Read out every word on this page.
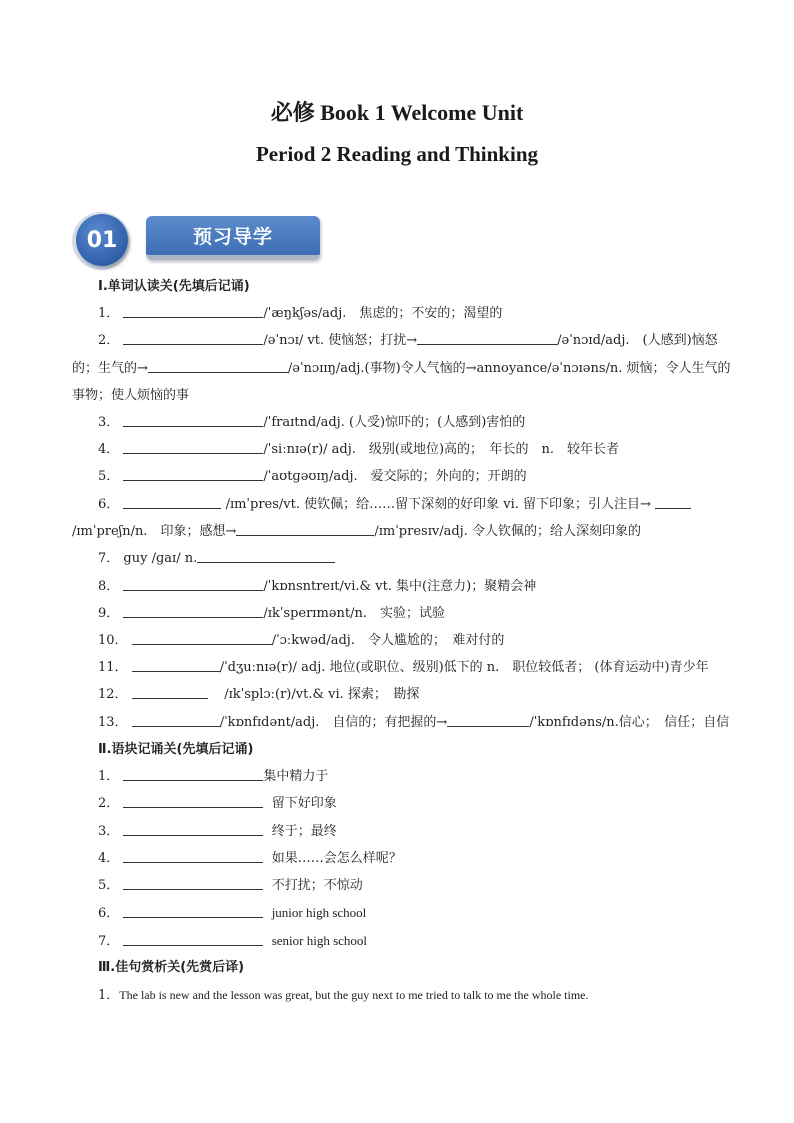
必修 Book 1 Welcome Unit
Period 2 Reading and Thinking
01	预习导学
Ⅰ.单词认读关(先填后记诵)
1．	/ˈæŋkʃəs/adj.　焦虑的；不安的；渴望的
2．	/əˈnɔɪ/ vt. 使恼怒；打扰→	/əˈnɔɪd/adj.　(人感到)恼怒
的；生气的→	/əˈnɔɪɪŋ/adj.(事物)令人气恼的→annoyance/əˈnɔɪəns/n. 烦恼；令人生气的
事物；使人烦恼的事
3．	/ˈfraɪtnd/adj. (人受)惊吓的；(人感到)害怕的
4．	/ˈsiːnɪə(r)/ adj.　级别(或地位)高的；　年长的　n.　较年长者
5．	/ˈaʊtɡəʊɪŋ/adj.　爱交际的；外向的；开朗的
6．	/ɪmˈpres/vt. 使钦佩；给……留下深刻的好印象 vi. 留下印象；引人注目→
/ɪmˈpreʃn/n.　印象；感想→	/ɪmˈpresɪv/adj. 令人钦佩的；给人深刻印象的
7． guy /ɡaɪ/ n.
8．	/ˈkɒnsntreɪt/vi.& vt. 集中(注意力)；聚精会神
9．	/ɪkˈsperɪmənt/n.　实验；试验
10．	/ˈɔːkwəd/adj.　令人尴尬的；　难对付的
11．	/ˈdʒuːnɪə(r)/ adj. 地位(或职位、级别)低下的 n.　职位较低者； (体育运动中)青少年
12．	/ɪkˈsplɔː(r)/vt.& vi. 探索；　勘探
13．	/ˈkɒnfɪdənt/adj.　自信的；有把握的→	/ˈkɒnfɪdəns/n.信心；　信任；自信
Ⅱ.语块记诵关(先填后记诵)
1．	集中精力于
2．	留下好印象
3．	终于；最终
4．	如果……会怎么样呢？
5．	不打扰；不惊动
6．	junior high school
7．	senior high school
Ⅲ.佳句赏析关(先赏后译)
1．The lab is new and the lesson was great, but the guy next to me tried to talk to me the whole time.
